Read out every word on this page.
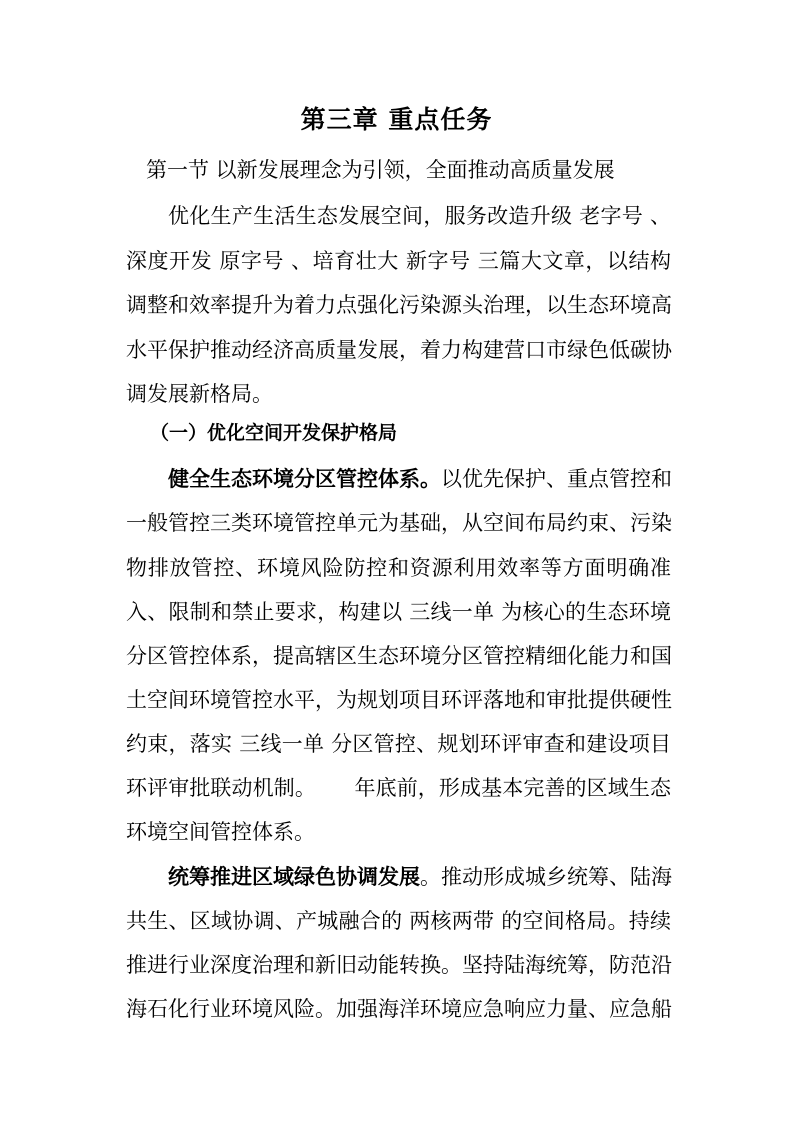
第三章 重点任务
第一节 以新发展理念为引领，全面推动高质量发展
优化生产生活生态发展空间，服务改造升级 老字号 、
深度开发 原字号 、培育壮大 新字号 三篇大文章，以结构
调整和效率提升为着力点强化污染源头治理，以生态环境高
水平保护推动经济高质量发展，着力构建营口市绿色低碳协
调发展新格局。
（一）优化空间开发保护格局
健全生态环境分区管控体系。以优先保护、重点管控和
一般管控三类环境管控单元为基础，从空间布局约束、污染
物排放管控、环境风险防控和资源利用效率等方面明确准
入、限制和禁止要求，构建以 三线一单 为核心的生态环境
分区管控体系，提高辖区生态环境分区管控精细化能力和国
土空间环境管控水平，为规划项目环评落地和审批提供硬性
约束，落实 三线一单 分区管控、规划环评审查和建设项目
环评审批联动机制。　　 年底前，形成基本完善的区域生态
环境空间管控体系。
统筹推进区域绿色协调发展。推动形成城乡统筹、陆海
共生、区域协调、产城融合的 两核两带 的空间格局。持续
推进行业深度治理和新旧动能转换。坚持陆海统筹，防范沿
海石化行业环境风险。加强海洋环境应急响应力量、应急船
